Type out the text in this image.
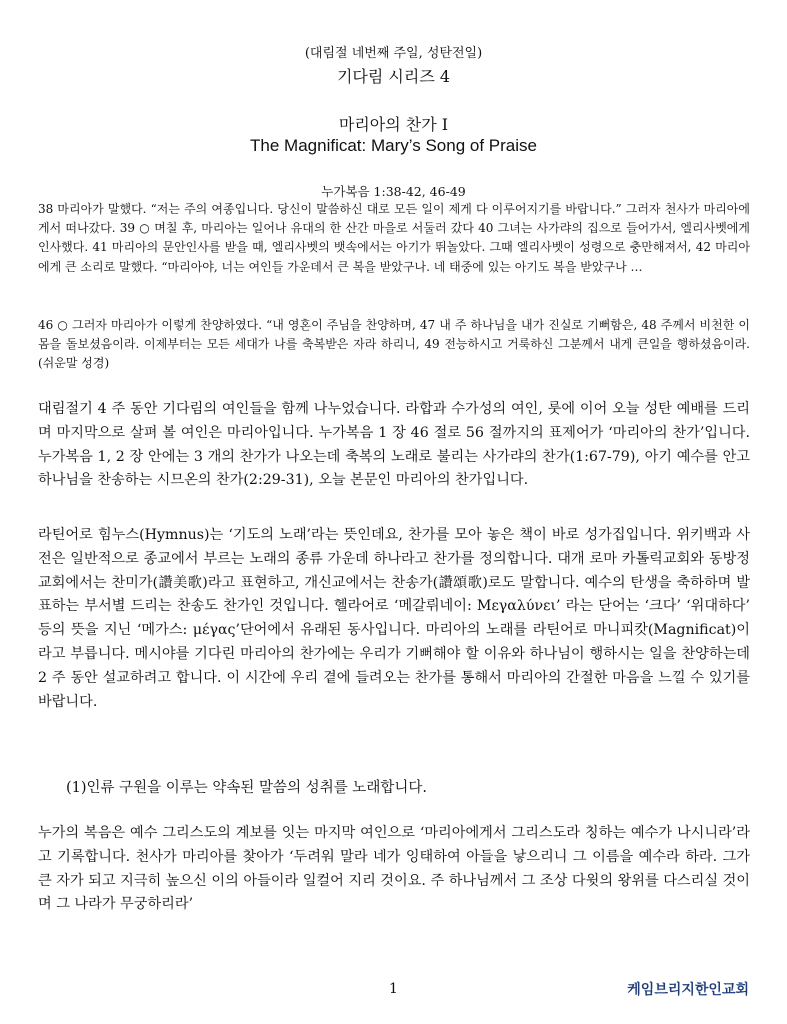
(대림절 네번째 주일, 성탄전일)
기다림 시리즈 4
마리아의 찬가 I
The Magnificat: Mary’s Song of Praise
누가복음 1:38-42, 46-49
38 마리아가 말했다. “저는 주의 여종입니다. 당신이 말씀하신 대로 모든 일이 제게 다 이루어지기를 바랍니다.” 그러자 천사가 마리아에게서 떠나갔다. 39 ○ 며칠 후, 마리아는 일어나 유대의 한 산간 마을로 서둘러 갔다 40 그녀는 사가랴의 집으로 들어가서, 엘리사벳에게 인사했다. 41 마리아의 문안인사를 받을 때, 엘리사벳의 뱃속에서는 아기가 뛰놀았다. 그때 엘리사벳이 성령으로 충만해져서, 42 마리아에게 큰 소리로 말했다. “마리아야, 너는 여인들 가운데서 큰 복을 받았구나. 네 태중에 있는 아기도 복을 받았구나 …
46 ○ 그러자 마리아가 이렇게 찬양하였다. “내 영혼이 주님을 찬양하며, 47 내 주 하나님을 내가 진실로 기뻐함은, 48 주께서 비천한 이 몸을 돌보셨음이라. 이제부터는 모든 세대가 나를 축복받은 자라 하리니, 49 전능하시고 거룩하신 그분께서 내게 큰일을 행하셨음이라.(쉬운말 성경)
대림절기 4 주 동안 기다림의 여인들을 함께 나누었습니다. 라합과 수가성의 여인, 룻에 이어 오늘 성탄 예배를 드리며 마지막으로 살펴 볼 여인은 마리아입니다. 누가복음 1 장 46 절로 56 절까지의 표제어가 ‘마리아의 찬가’입니다. 누가복음 1, 2 장 안에는 3 개의 찬가가 나오는데 축복의 노래로 불리는 사가랴의 찬가(1:67-79), 아기 예수를 안고 하나님을 찬송하는 시므온의 찬가(2:29-31), 오늘 본문인 마리아의 찬가입니다.
라틴어로 힘누스(Hymnus)는 ‘기도의 노래’라는 뜻인데요, 찬가를 모아 놓은 책이 바로 성가집입니다. 위키백과 사전은 일반적으로 종교에서 부르는 노래의 종류 가운데 하나라고 찬가를 정의합니다. 대개 로마 카톨릭교회와 동방정교회에서는 찬미가(讚美歌)라고 표현하고, 개신교에서는 찬송가(讚頌歌)로도 말합니다. 예수의 탄생을 축하하며 발표하는 부서별 드리는 찬송도 찬가인 것입니다. 헬라어로 ‘메갈뤼네이: Μεγαλύνει’ 라는 단어는 ‘크다’ ‘위대하다’ 등의 뜻을 지닌 ‘메가스: μέγας’단어에서 유래된 동사입니다. 마리아의 노래를 라틴어로 마니피캇(Magnificat)이라고 부릅니다. 메시야를 기다린 마리아의 찬가에는 우리가 기뻐해야 할 이유와 하나님이 행하시는 일을 찬양하는데 2 주 동안 설교하려고 합니다. 이 시간에 우리 곁에 들려오는 찬가를 통해서 마리아의 간절한 마음을 느낄 수 있기를 바랍니다.
(1)인류 구원을 이루는 약속된 말씀의 성취를 노래합니다.
누가의 복음은 예수 그리스도의 계보를 잇는 마지막 여인으로 ‘마리아에게서 그리스도라 칭하는 예수가 나시니라’라고 기록합니다. 천사가 마리아를 찾아가 ‘두려워 말라 네가 잉태하여 아들을 낳으리니 그 이름을 예수라 하라. 그가 큰 자가 되고 지극히 높으신 이의 아들이라 일컬어 지리 것이요. 주 하나님께서 그 조상 다윗의 왕위를 다스리실 것이며 그 나라가 무궁하리라’
1	케임브리지한인교회
